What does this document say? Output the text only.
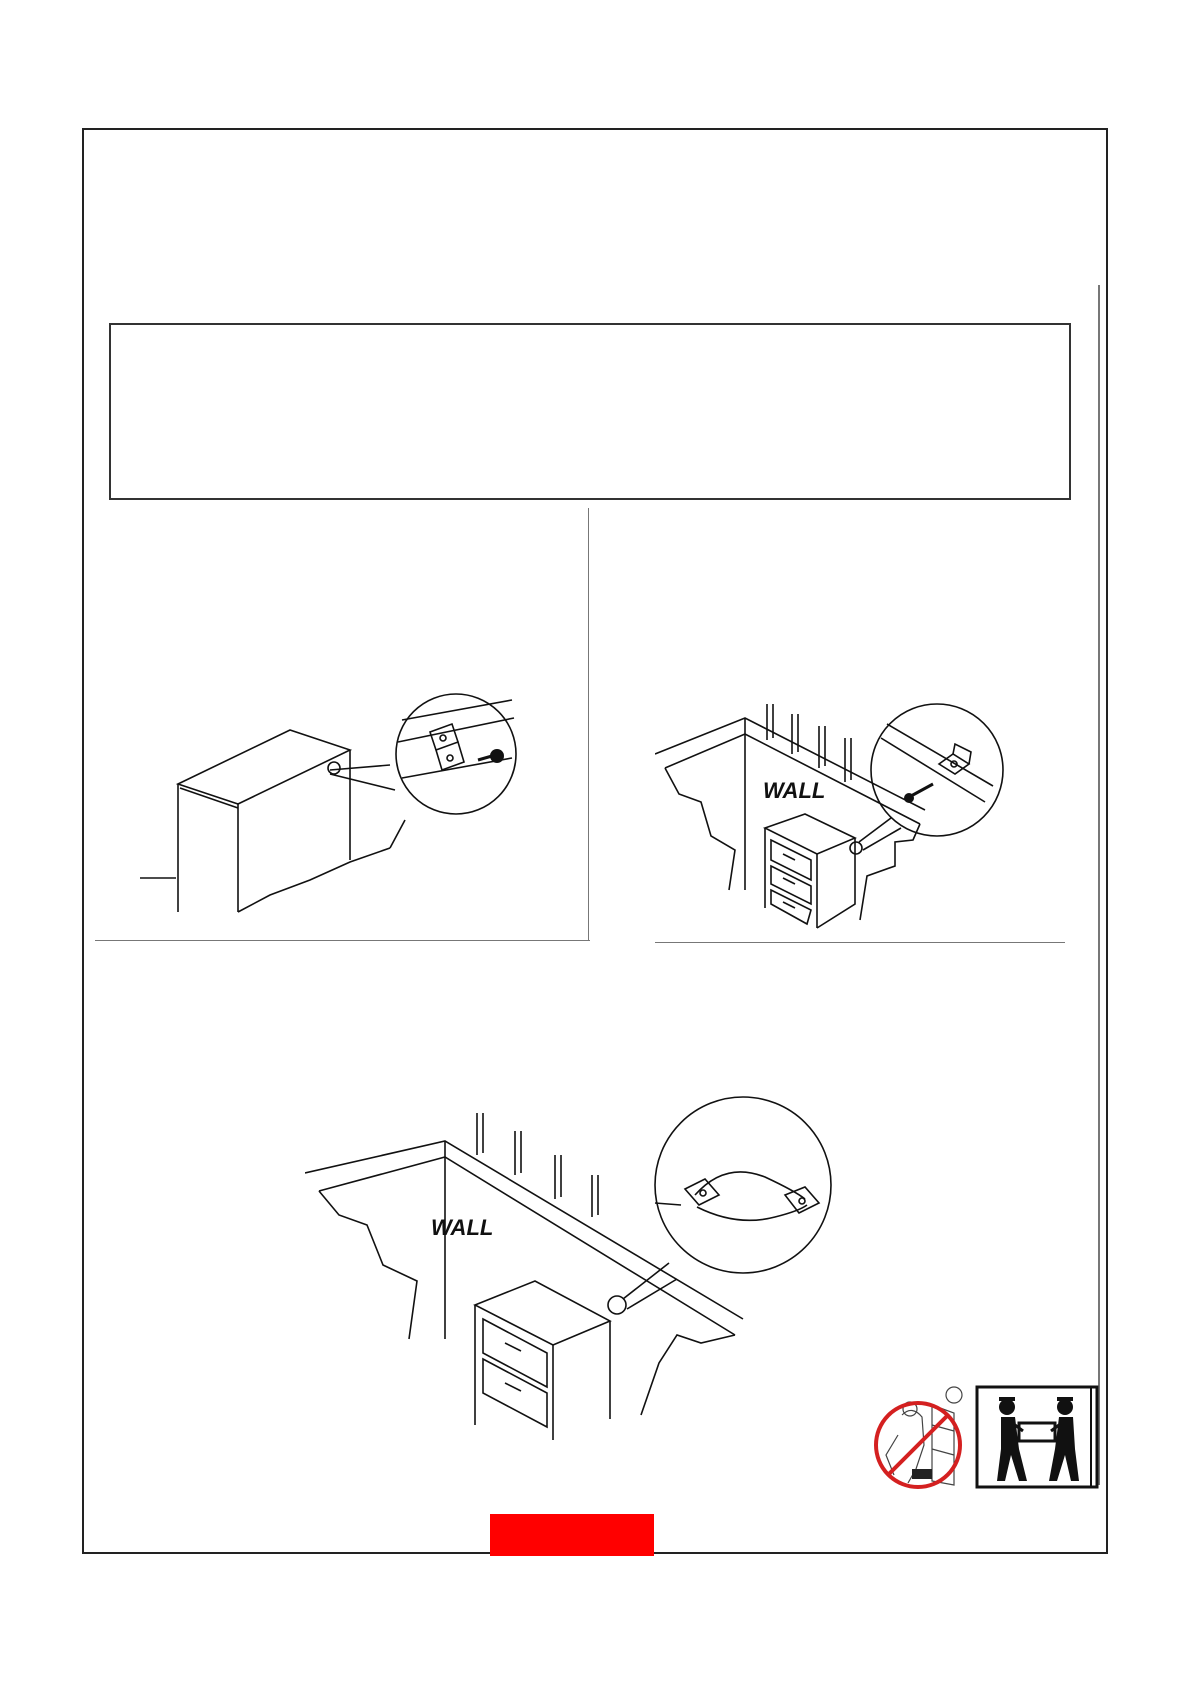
WALL
WALL
